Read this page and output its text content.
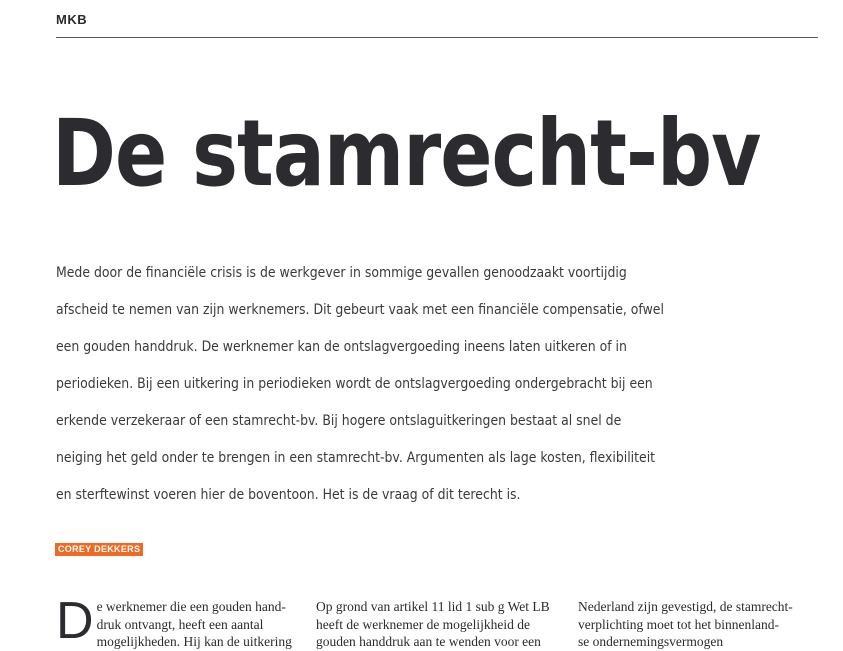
MKB
De stamrecht-bv

Mede door de financiële crisis is de werkgever in sommige gevallen genoodzaakt voortijdig

afscheid te nemen van zijn werknemers. Dit gebeurt vaak met een financiële compensatie, ofwel

een gouden handdruk. De werknemer kan de ontslagvergoeding ineens laten uitkeren of in

periodieken. Bij een uitkering in periodieken wordt de ontslagvergoeding ondergebracht bij een

erkende verzekeraar of een stamrecht-bv. Bij hogere ontslaguitkeringen bestaat al snel de

neiging het geld onder te brengen in een stamrecht-bv. Argumenten als lage kosten, flexibiliteit

en sterftewinst voeren hier de boventoon. Het is de vraag of dit terecht is.

COREY DEKKERS
D e werknemer die een gouden hand-
druk ontvangt, heeft een aantal
mogelijkheden. Hij kan de uitkering
Op grond van artikel 11 lid 1 sub g Wet LB
heeft de werknemer de mogelijkheid de
gouden handdruk aan te wenden voor een
Nederland zijn gevestigd, de stamrecht-
verplichting moet tot het binnenland-
se ondernemingsvermogen
